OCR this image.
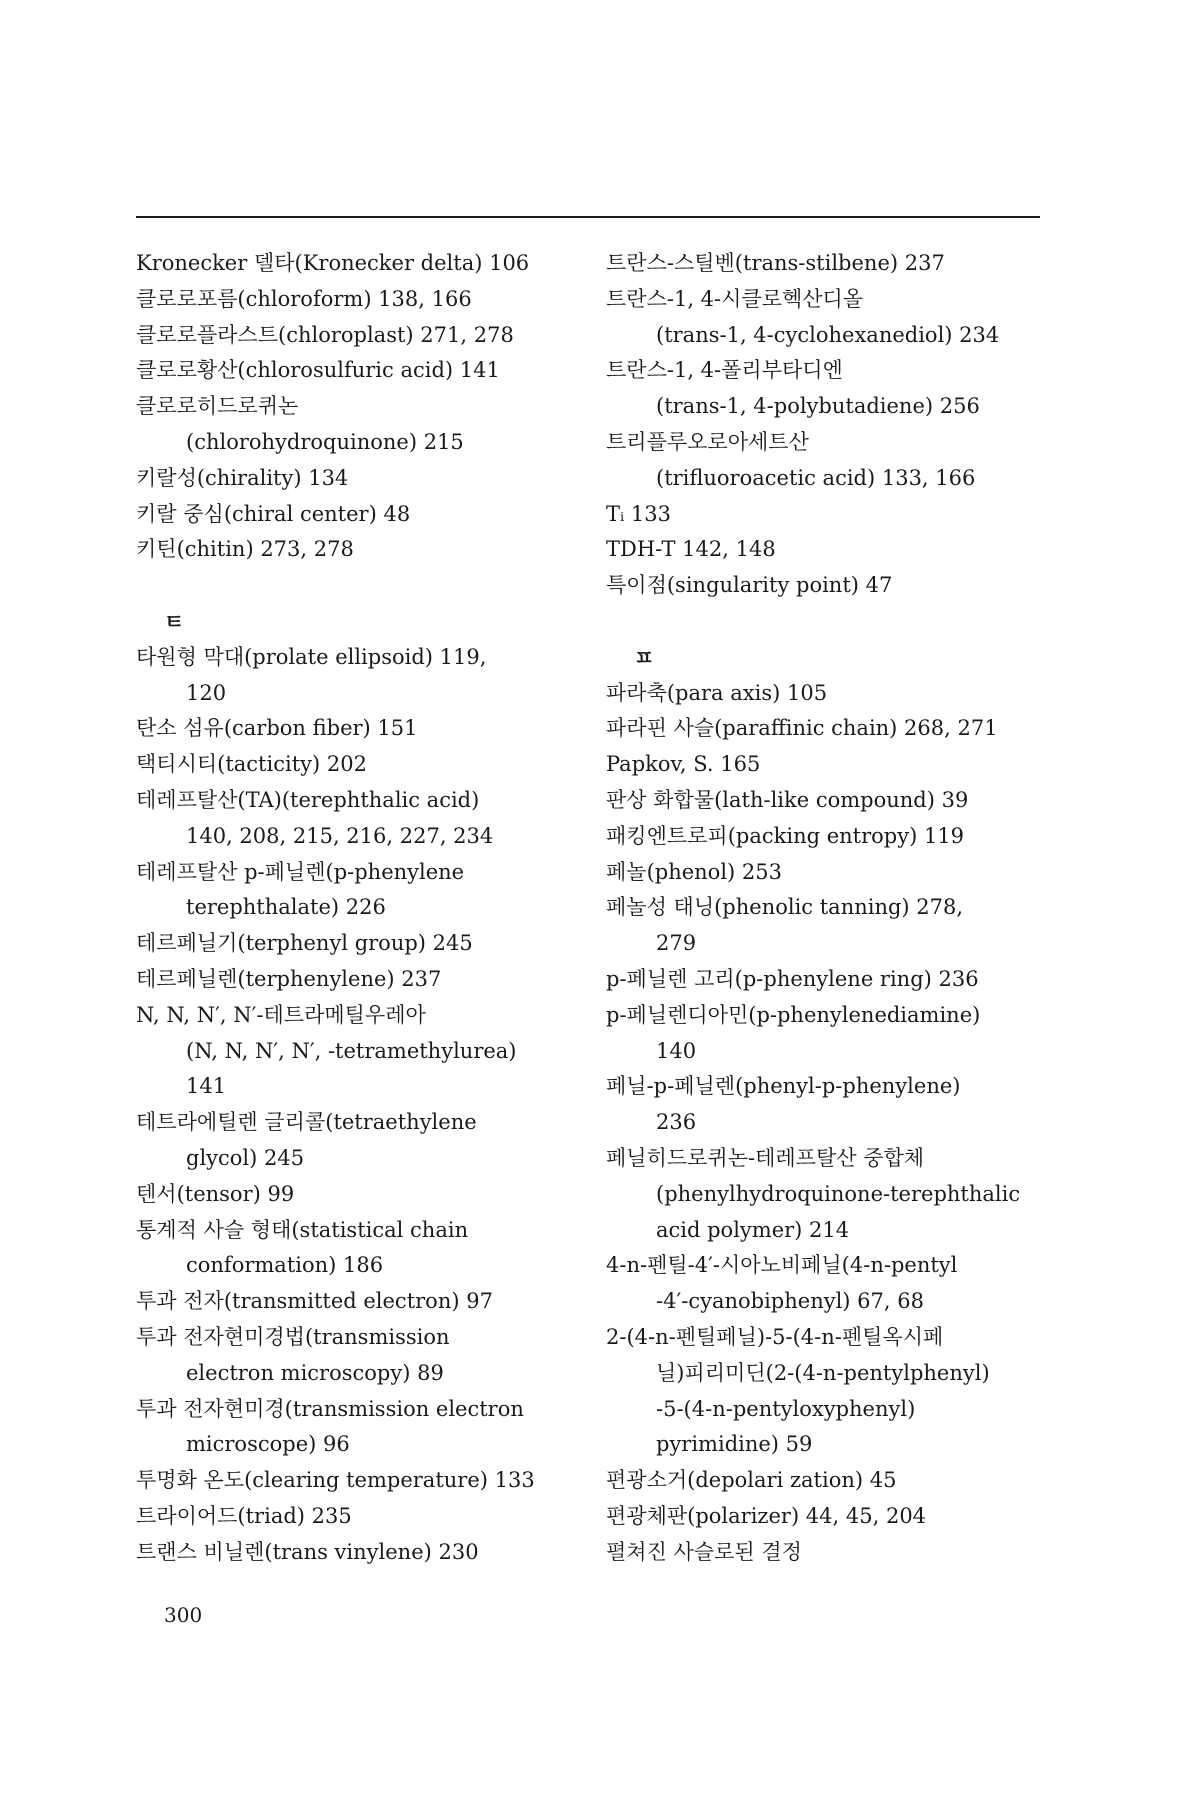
Kronecker 델타(Kronecker delta) 106
클로로포름(chloroform) 138, 166
클로로플라스트(chloroplast) 271, 278
클로로황산(chlorosulfuric acid) 141
클로로히드로퀴논
(chlorohydroquinone) 215
키랄성(chirality) 134
키랄 중심(chiral center) 48
키틴(chitin) 273, 278
ㅌ
타원형 막대(prolate ellipsoid) 119,
120
탄소 섬유(carbon fiber) 151
택티시티(tacticity) 202
테레프탈산(TA)(terephthalic acid)
140, 208, 215, 216, 227, 234
테레프탈산 p-페닐렌(p-phenylene
terephthalate) 226
테르페닐기(terphenyl group) 245
테르페닐렌(terphenylene) 237
N, N, N′, N′-테트라메틸우레아
(N, N, N′, N′, -tetramethylurea)
141
테트라에틸렌 글리콜(tetraethylene
glycol) 245
텐서(tensor) 99
통계적 사슬 형태(statistical chain
conformation) 186
투과 전자(transmitted electron) 97
투과 전자현미경법(transmission
electron microscopy) 89
투과 전자현미경(transmission electron
microscope) 96
투명화 온도(clearing temperature) 133
트라이어드(triad) 235
트랜스 비닐렌(trans vinylene) 230
트란스-스틸벤(trans-stilbene) 237
트란스-1, 4-시클로헥산디올
(trans-1, 4-cyclohexanediol) 234
트란스-1, 4-폴리부타디엔
(trans-1, 4-polybutadiene) 256
트리플루오로아세트산
(trifluoroacetic acid) 133, 166
Tᵢ 133
TDH-T 142, 148
특이점(singularity point) 47
ㅍ
파라축(para axis) 105
파라핀 사슬(paraffinic chain) 268, 271
Papkov, S. 165
판상 화합물(lath-like compound) 39
패킹엔트로피(packing entropy) 119
페놀(phenol) 253
페놀성 태닝(phenolic tanning) 278,
279
p-페닐렌 고리(p-phenylene ring) 236
p-페닐렌디아민(p-phenylenediamine)
140
페닐-p-페닐렌(phenyl-p-phenylene)
236
페닐히드로퀴논-테레프탈산 중합체
(phenylhydroquinone-terephthalic
acid polymer) 214
4-n-펜틸-4′-시아노비페닐(4-n-pentyl
-4′-cyanobiphenyl) 67, 68
2-(4-n-펜틸페닐)-5-(4-n-펜틸옥시페
닐)피리미딘(2-(4-n-pentylphenyl)
-5-(4-n-pentyloxyphenyl)
pyrimidine) 59
편광소거(depolari zation) 45
편광체판(polarizer) 44, 45, 204
펼쳐진 사슬로된 결정
300
